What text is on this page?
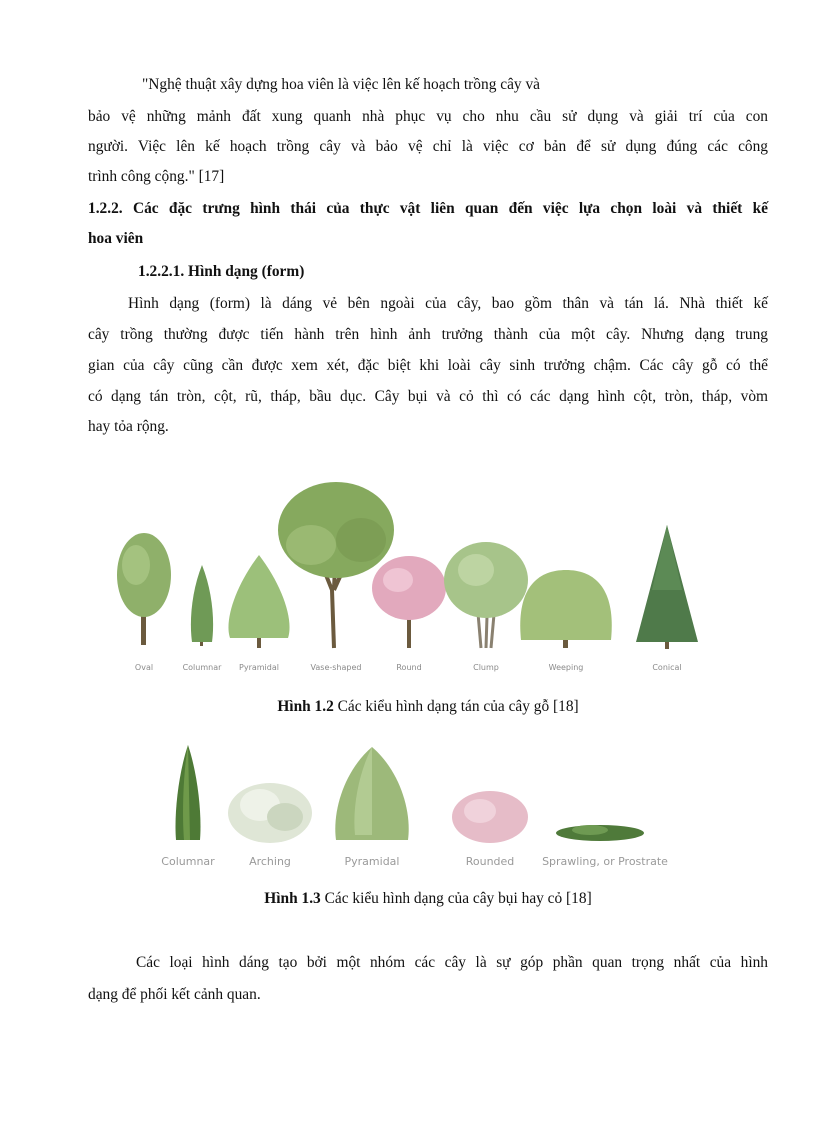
"Nghệ thuật xây dựng hoa viên là việc lên kế hoạch trồng cây và

bảo vệ những mảnh đất xung quanh nhà phục vụ cho nhu cầu sử dụng và giải trí của con

người. Việc lên kế hoạch trồng cây và bảo vệ chỉ là việc cơ bản để sử dụng đúng các công

trình công cộng." [17]

1.2.2. Các đặc trưng hình thái của thực vật liên quan đến việc lựa chọn loài và thiết kế

hoa viên

1.2.2.1. Hình dạng (form)

Hình dạng (form) là dáng vẻ bên ngoài của cây, bao gồm thân và tán lá. Nhà thiết kế

cây trồng thường được tiến hành trên hình ảnh trưởng thành của một cây. Nhưng dạng trung

gian của cây cũng cần được xem xét, đặc biệt khi loài cây sinh trưởng chậm. Các cây gỗ có thể

có dạng tán tròn, cột, rũ, tháp, bầu dục. Cây bụi và cỏ thì có các dạng hình cột, tròn, tháp, vòm

hay tỏa rộng.

Oval	Columnar Pyramidal	Vase-shaped	Round	Clump	Weeping	Conical
Hình 1.2 Các kiểu hình dạng tán của cây gỗ [18]
Columnar	Arching	Pyramidal	Rounded	Sprawling, or Prostrate
Hình 1.3 Các kiểu hình dạng của cây bụi hay cỏ [18]

Các loại hình dáng tạo bởi một nhóm các cây là sự góp phần quan trọng nhất của hình

dạng để phối kết cảnh quan.
